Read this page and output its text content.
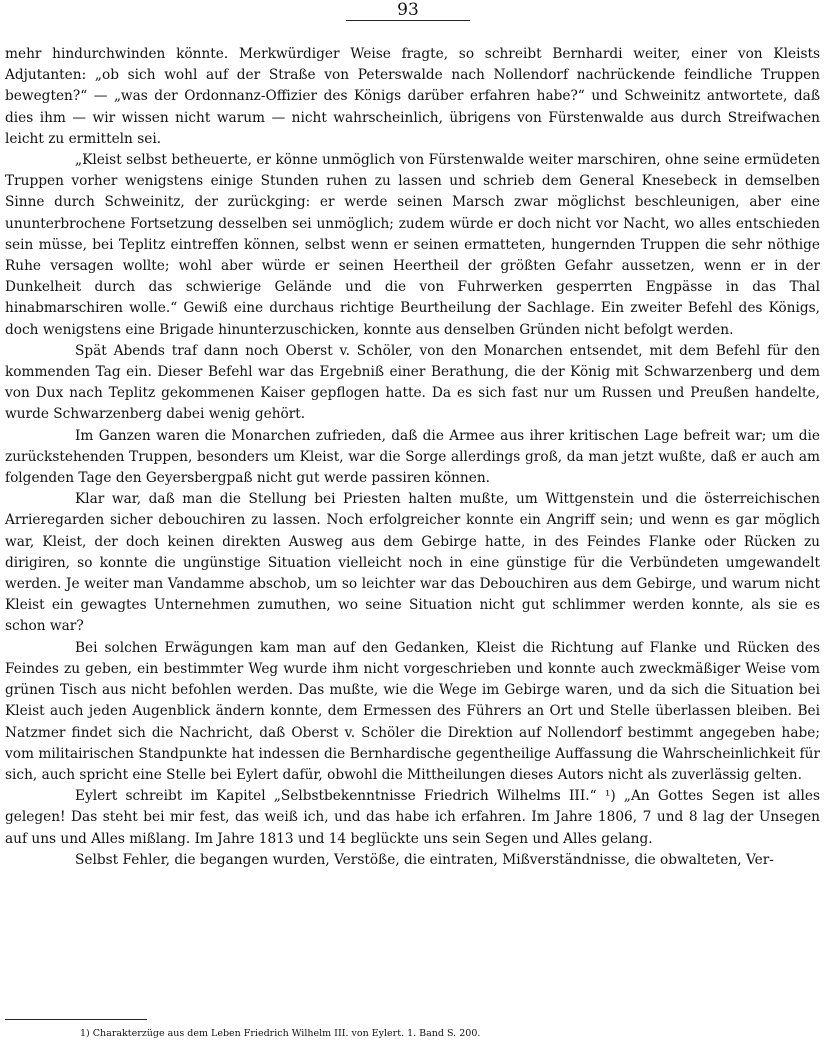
93

mehr hindurchwinden könnte. Merkwürdiger Weise fragte, so schreibt Bernhardi weiter, einer von Kleists Adjutanten: „ob sich wohl auf der Straße von Peterswalde nach Nollendorf nachrückende feindliche Truppen bewegten?“ — „was der Ordonnanz-Offizier des Königs darüber erfahren habe?“ und Schweinitz antwortete, daß dies ihm — wir wissen nicht warum — nicht wahrscheinlich, übrigens von Fürstenwalde aus durch Streifwachen leicht zu ermitteln sei.

„Kleist selbst betheuerte, er könne unmöglich von Fürstenwalde weiter marschiren, ohne seine ermüdeten Truppen vorher wenigstens einige Stunden ruhen zu lassen und schrieb dem General Knesebeck in demselben Sinne durch Schweinitz, der zurückging: er werde seinen Marsch zwar möglichst beschleunigen, aber eine ununterbrochene Fortsetzung desselben sei unmöglich; zudem würde er doch nicht vor Nacht, wo alles entschieden sein müsse, bei Teplitz eintreffen können, selbst wenn er seinen ermatteten, hungernden Truppen die sehr nöthige Ruhe versagen wollte; wohl aber würde er seinen Heertheil der größten Gefahr aussetzen, wenn er in der Dunkelheit durch das schwierige Gelände und die von Fuhrwerken gesperrten Engpässe in das Thal hinabmarschiren wolle.“ Gewiß eine durchaus richtige Beurtheilung der Sachlage. Ein zweiter Befehl des Königs, doch wenigstens eine Brigade hinunterzuschicken, konnte aus denselben Gründen nicht befolgt werden.

Spät Abends traf dann noch Oberst v. Schöler, von den Monarchen entsendet, mit dem Befehl für den kommenden Tag ein. Dieser Befehl war das Ergebniß einer Berathung, die der König mit Schwarzenberg und dem von Dux nach Teplitz gekommenen Kaiser gepflogen hatte. Da es sich fast nur um Russen und Preußen handelte, wurde Schwarzenberg dabei wenig gehört.

Im Ganzen waren die Monarchen zufrieden, daß die Armee aus ihrer kritischen Lage befreit war; um die zurückstehenden Truppen, besonders um Kleist, war die Sorge allerdings groß, da man jetzt wußte, daß er auch am folgenden Tage den Geyersbergpaß nicht gut werde passiren können.

Klar war, daß man die Stellung bei Priesten halten mußte, um Wittgenstein und die österreichischen Arrieregarden sicher debouchiren zu lassen. Noch erfolgreicher konnte ein Angriff sein; und wenn es gar möglich war, Kleist, der doch keinen direkten Ausweg aus dem Gebirge hatte, in des Feindes Flanke oder Rücken zu dirigiren, so konnte die ungünstige Situation vielleicht noch in eine günstige für die Verbündeten umgewandelt werden. Je weiter man Vandamme abschob, um so leichter war das Debouchiren aus dem Gebirge, und warum nicht Kleist ein gewagtes Unternehmen zumuthen, wo seine Situation nicht gut schlimmer werden konnte, als sie es schon war?

Bei solchen Erwägungen kam man auf den Gedanken, Kleist die Richtung auf Flanke und Rücken des Feindes zu geben, ein bestimmter Weg wurde ihm nicht vorgeschrieben und konnte auch zweckmäßiger Weise vom grünen Tisch aus nicht befohlen werden. Das mußte, wie die Wege im Gebirge waren, und da sich die Situation bei Kleist auch jeden Augenblick ändern konnte, dem Ermessen des Führers an Ort und Stelle überlassen bleiben. Bei Natzmer findet sich die Nachricht, daß Oberst v. Schöler die Direktion auf Nollendorf bestimmt angegeben habe; vom militairischen Standpunkte hat indessen die Bernhardische gegentheilige Auffassung die Wahrscheinlichkeit für sich, auch spricht eine Stelle bei Eylert dafür, obwohl die Mittheilungen dieses Autors nicht als zuverlässig gelten.

Eylert schreibt im Kapitel „Selbstbekenntnisse Friedrich Wilhelms III.“ ¹) „An Gottes Segen ist alles gelegen! Das steht bei mir fest, das weiß ich, und das habe ich erfahren. Im Jahre 1806, 7 und 8 lag der Unsegen auf uns und Alles mißlang. Im Jahre 1813 und 14 beglückte uns sein Segen und Alles gelang.

Selbst Fehler, die begangen wurden, Verstöße, die eintraten, Mißverständnisse, die obwalteten, Ver-

1) Charakterzüge aus dem Leben Friedrich Wilhelm III. von Eylert. 1. Band S. 200.
